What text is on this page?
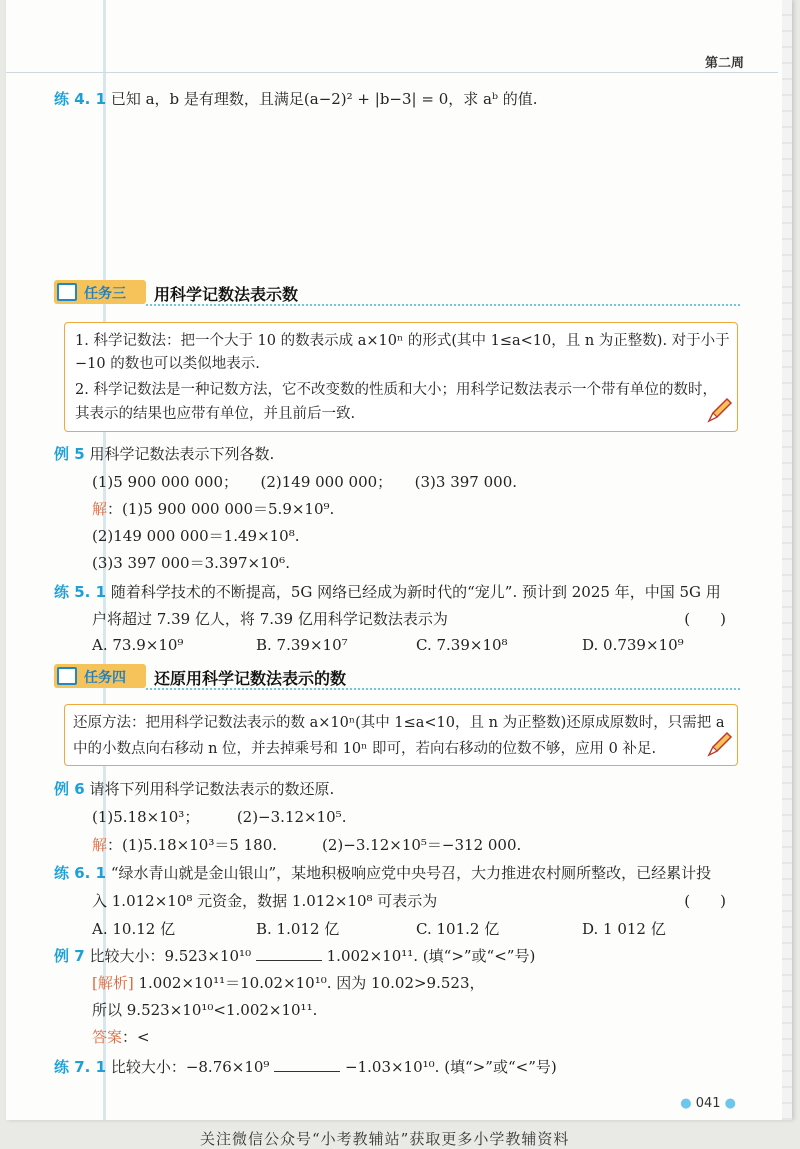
第二周
练 4. 1 已知 a，b 是有理数，且满足(a−2)² + |b−3| = 0，求 aᵇ 的值.
任务三 用科学记数法表示数
1. 科学记数法：把一个大于 10 的数表示成 a×10ⁿ 的形式(其中 1≤a<10，且 n 为正整数). 对于小于
−10 的数也可以类似地表示.
2. 科学记数法是一种记数方法，它不改变数的性质和大小；用科学记数法表示一个带有单位的数时，
其表示的结果也应带有单位，并且前后一致.
例 5 用科学记数法表示下列各数.
(1)5 900 000 000；　　(2)149 000 000；　　(3)3 397 000.
解：(1)5 900 000 000＝5.9×10⁹.
(2)149 000 000＝1.49×10⁸.
(3)3 397 000＝3.397×10⁶.
练 5. 1 随着科学技术的不断提高，5G 网络已经成为新时代的“宠儿”. 预计到 2025 年，中国 5G 用
户将超过 7.39 亿人，将 7.39 亿用科学记数法表示为	(　　)
A. 73.9×10⁹	B. 7.39×10⁷	C. 7.39×10⁸	D. 0.739×10⁹
任务四 还原用科学记数法表示的数
还原方法：把用科学记数法表示的数 a×10ⁿ(其中 1≤a<10，且 n 为正整数)还原成原数时，只需把 a
中的小数点向右移动 n 位，并去掉乘号和 10ⁿ 即可，若向右移动的位数不够，应用 0 补足.
例 6 请将下列用科学记数法表示的数还原.
(1)5.18×10³；　　　(2)−3.12×10⁵.
解：(1)5.18×10³＝5 180.　　　(2)−3.12×10⁵＝−312 000.
练 6. 1 “绿水青山就是金山银山”，某地积极响应党中央号召，大力推进农村厕所整改，已经累计投
入 1.012×10⁸ 元资金，数据 1.012×10⁸ 可表示为	(　　)
A. 10.12 亿	B. 1.012 亿	C. 101.2 亿	D. 1 012 亿
例 7 比较大小：9.523×10¹⁰	1.002×10¹¹. (填“>”或“<”号)
[解析] 1.002×10¹¹＝10.02×10¹⁰. 因为 10.02>9.523，
所以 9.523×10¹⁰<1.002×10¹¹.
答案：<
练 7. 1 比较大小：−8.76×10⁹	−1.03×10¹⁰. (填“>”或“<”号)
● 041 ●
关注微信公众号“小考教辅站”获取更多小学教辅资料
